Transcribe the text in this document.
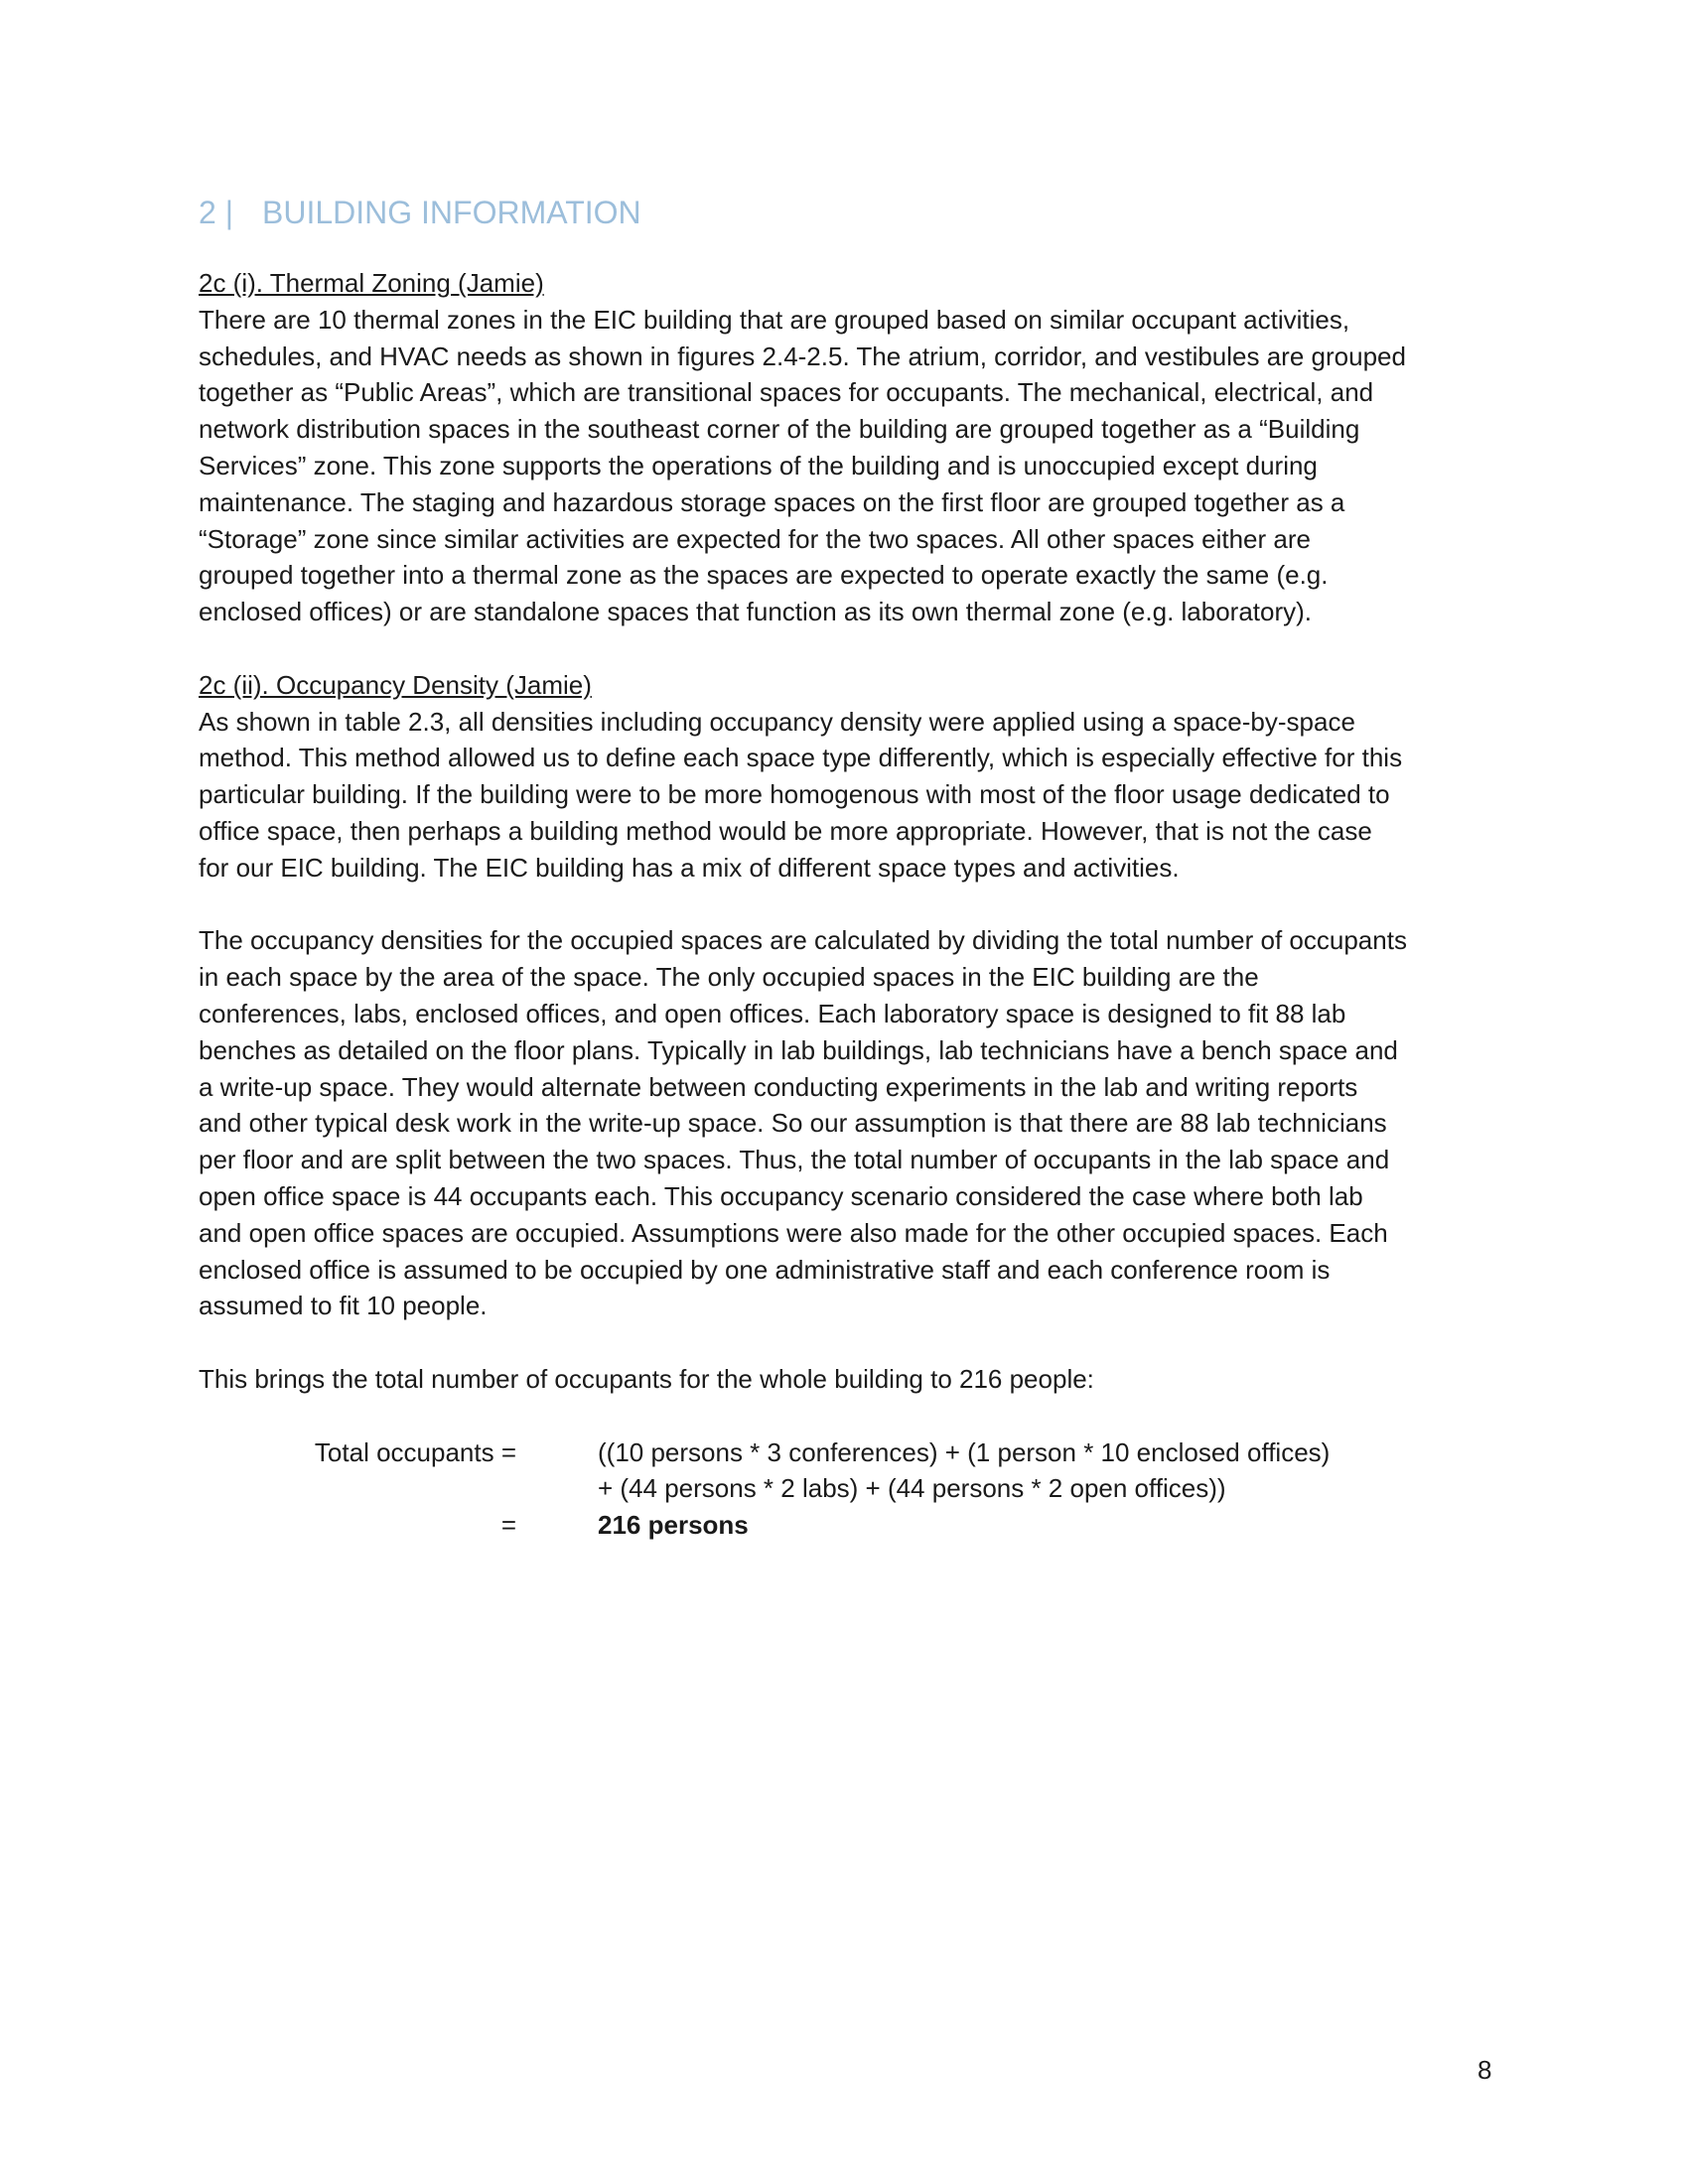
2 | BUILDING INFORMATION

2c (i). Thermal Zoning (Jamie)

There are 10 thermal zones in the EIC building that are grouped based on similar occupant activities,
schedules, and HVAC needs as shown in figures 2.4-2.5. The atrium, corridor, and vestibules are grouped
together as “Public Areas”, which are transitional spaces for occupants. The mechanical, electrical, and
network distribution spaces in the southeast corner of the building are grouped together as a “Building
Services” zone. This zone supports the operations of the building and is unoccupied except during
maintenance. The staging and hazardous storage spaces on the first floor are grouped together as a
“Storage” zone since similar activities are expected for the two spaces. All other spaces either are
grouped together into a thermal zone as the spaces are expected to operate exactly the same (e.g.
enclosed offices) or are standalone spaces that function as its own thermal zone (e.g. laboratory).

2c (ii). Occupancy Density (Jamie)

As shown in table 2.3, all densities including occupancy density were applied using a space-by-space
method. This method allowed us to define each space type differently, which is especially effective for this
particular building. If the building were to be more homogenous with most of the floor usage dedicated to
office space, then perhaps a building method would be more appropriate. However, that is not the case
for our EIC building. The EIC building has a mix of different space types and activities.
The occupancy densities for the occupied spaces are calculated by dividing the total number of occupants
in each space by the area of the space. The only occupied spaces in the EIC building are the
conferences, labs, enclosed offices, and open offices. Each laboratory space is designed to fit 88 lab
benches as detailed on the floor plans. Typically in lab buildings, lab technicians have a bench space and
a write-up space. They would alternate between conducting experiments in the lab and writing reports
and other typical desk work in the write-up space. So our assumption is that there are 88 lab technicians
per floor and are split between the two spaces. Thus, the total number of occupants in the lab space and
open office space is 44 occupants each. This occupancy scenario considered the case where both lab
and open office spaces are occupied. Assumptions were also made for the other occupied spaces. Each
enclosed office is assumed to be occupied by one administrative staff and each conference room is
assumed to fit 10 people.

This brings the total number of occupants for the whole building to 216 people:

Total occupants =	((10 persons * 3 conferences) + (1 person * 10 enclosed offices)
+ (44 persons * 2 labs) + (44 persons * 2 open offices))
=	216 persons
8
